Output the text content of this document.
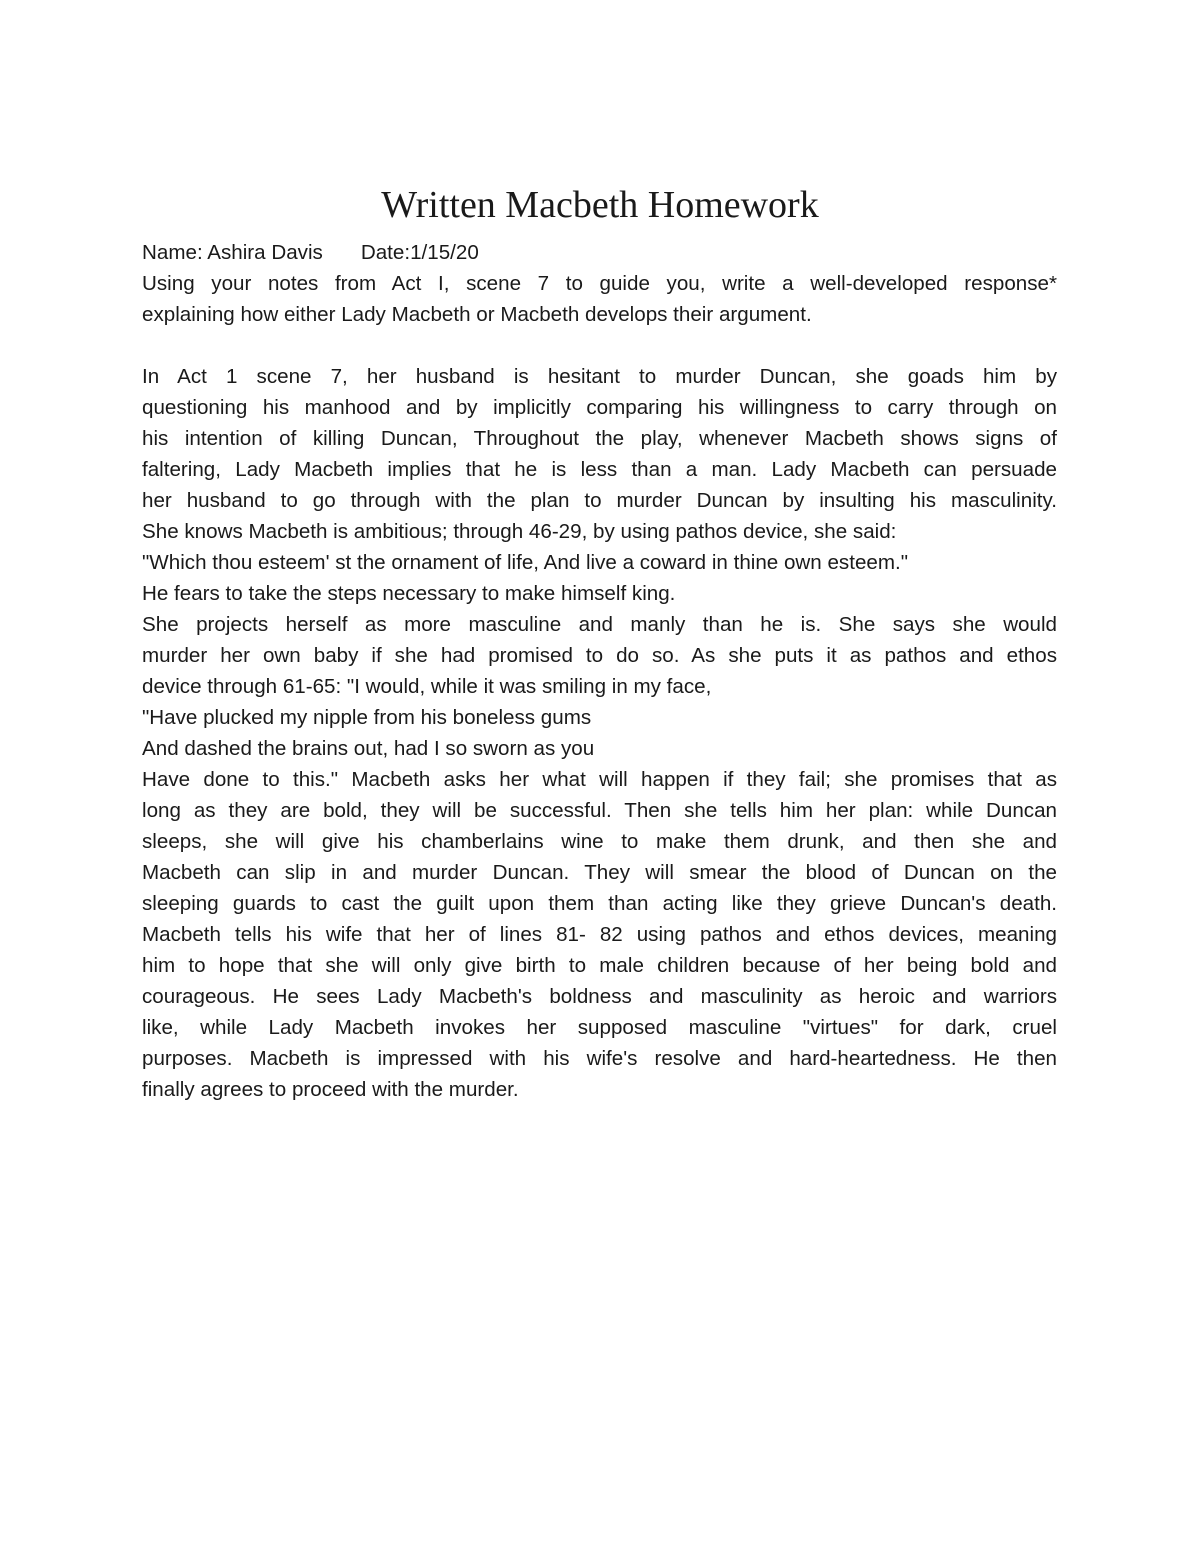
Written Macbeth Homework
Name: Ashira Davis Date:1/15/20
Using your notes from Act I, scene 7 to guide you, write a well-developed response*
explaining how either Lady Macbeth or Macbeth develops their argument.
In Act 1 scene 7, her husband is hesitant to murder Duncan, she goads him by
questioning his manhood and by implicitly comparing his willingness to carry through on
his intention of killing Duncan, Throughout the play, whenever Macbeth shows signs of
faltering, Lady Macbeth implies that he is less than a man. Lady Macbeth can persuade
her husband to go through with the plan to murder Duncan by insulting his masculinity.
She knows Macbeth is ambitious; through 46-29, by using pathos device, she said:
"Which thou esteem' st the ornament of life, And live a coward in thine own esteem."
He fears to take the steps necessary to make himself king.
She projects herself as more masculine and manly than he is. She says she would
murder her own baby if she had promised to do so. As she puts it as pathos and ethos
device through 61-65: "I would, while it was smiling in my face,
"Have plucked my nipple from his boneless gums
And dashed the brains out, had I so sworn as you
Have done to this." Macbeth asks her what will happen if they fail; she promises that as
long as they are bold, they will be successful. Then she tells him her plan: while Duncan
sleeps, she will give his chamberlains wine to make them drunk, and then she and
Macbeth can slip in and murder Duncan. They will smear the blood of Duncan on the
sleeping guards to cast the guilt upon them than acting like they grieve Duncan's death.
Macbeth tells his wife that her of lines 81- 82 using pathos and ethos devices, meaning
him to hope that she will only give birth to male children because of her being bold and
courageous. He sees Lady Macbeth's boldness and masculinity as heroic and warriors
like, while Lady Macbeth invokes her supposed masculine "virtues" for dark, cruel
purposes. Macbeth is impressed with his wife's resolve and hard-heartedness. He then
finally agrees to proceed with the murder.
